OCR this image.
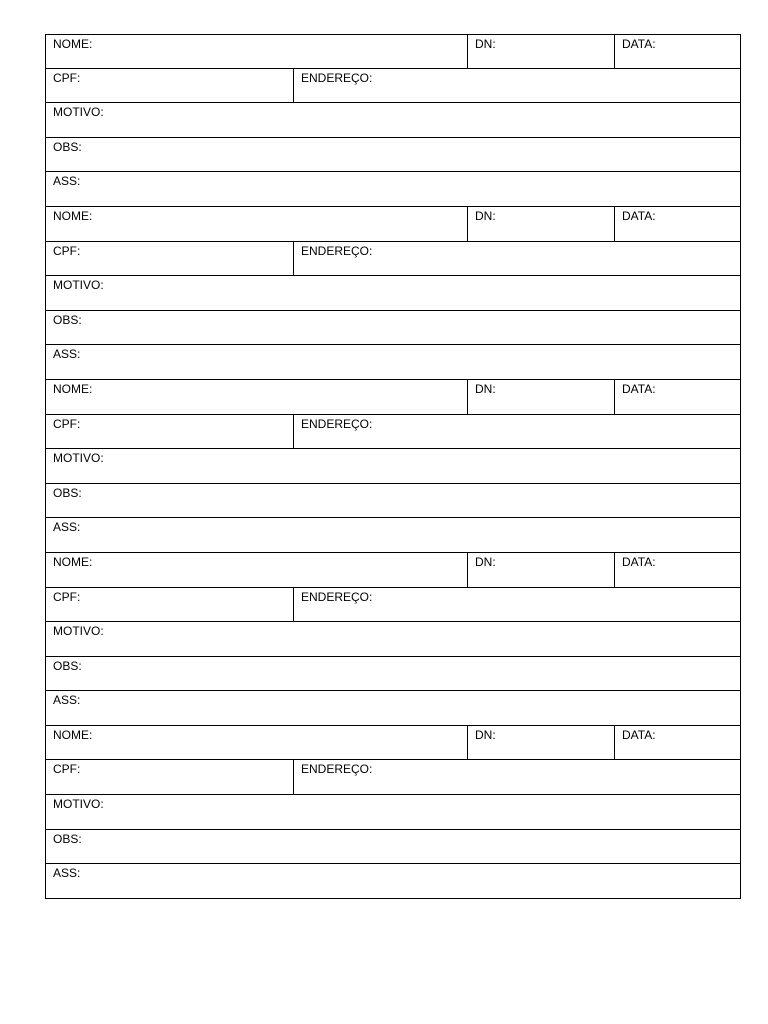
NOME:	DN:	DATA:
CPF:	ENDEREÇO:
MOTIVO:
OBS:
ASS:
NOME:	DN:	DATA:
CPF:	ENDEREÇO:
MOTIVO:
OBS:
ASS:
NOME:	DN:	DATA:
CPF:	ENDEREÇO:
MOTIVO:
OBS:
ASS:
NOME:	DN:	DATA:
CPF:	ENDEREÇO:
MOTIVO:
OBS:
ASS:
NOME:	DN:	DATA:
CPF:	ENDEREÇO:
MOTIVO:
OBS:
ASS:
